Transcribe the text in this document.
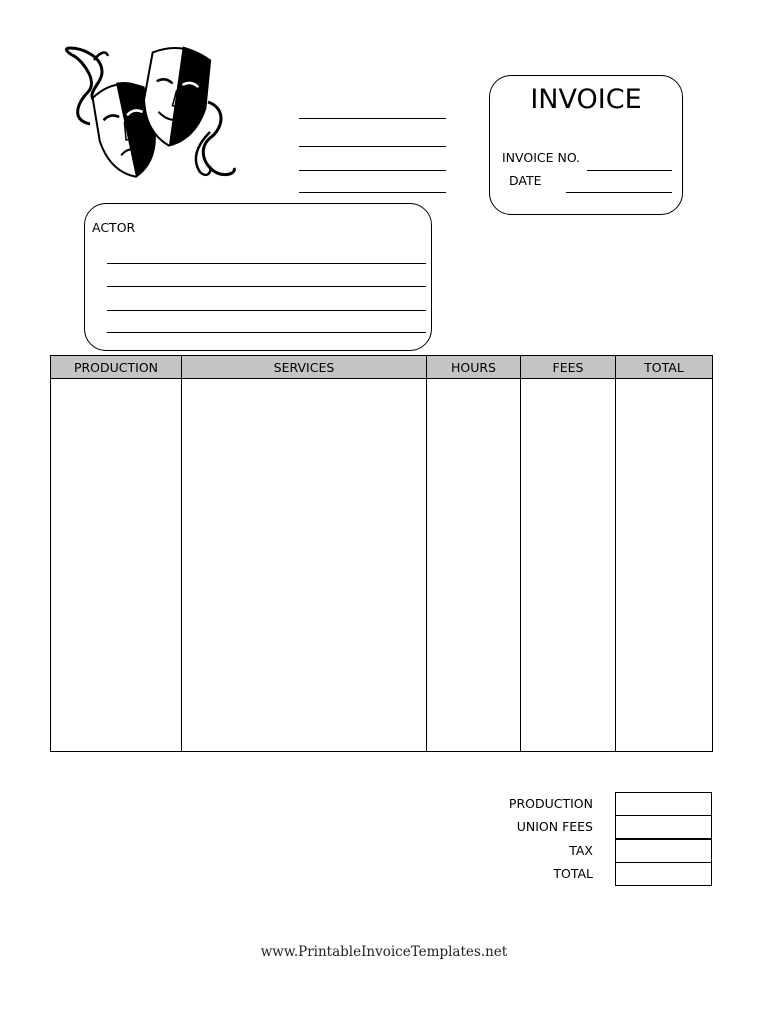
INVOICE
INVOICE NO.
DATE
ACTOR
PRODUCTION	SERVICES	HOURS	FEES	TOTAL

PRODUCTION
UNION FEES
TAX
TOTAL
www.PrintableInvoiceTemplates.net
